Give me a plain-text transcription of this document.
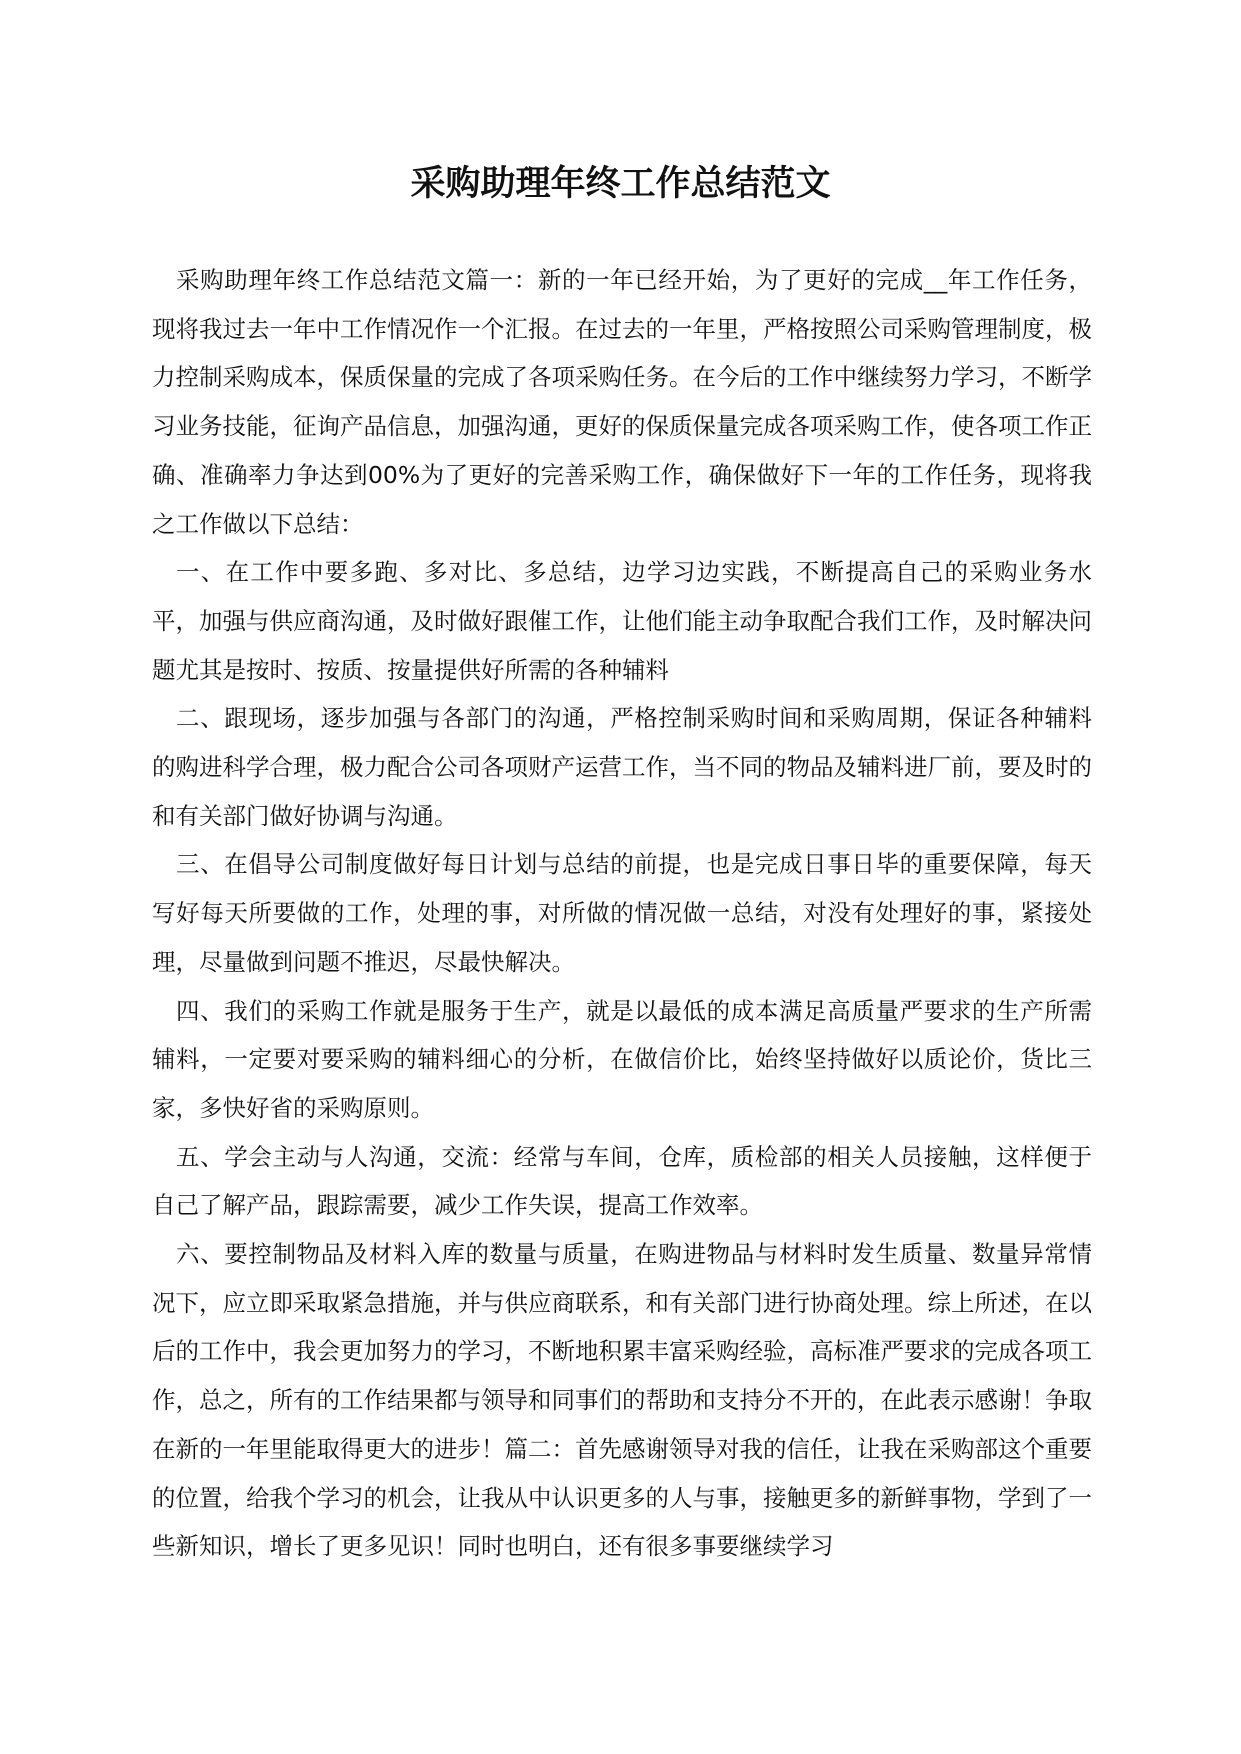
采购助理年终工作总结范文

采购助理年终工作总结范文篇一：新的一年已经开始，为了更好的完成__年工作任务，现将我过去一年中工作情况作一个汇报。在过去的一年里，严格按照公司采购管理制度，极力控制采购成本，保质保量的完成了各项采购任务。在今后的工作中继续努力学习，不断学习业务技能，征询产品信息，加强沟通，更好的保质保量完成各项采购工作，使各项工作正确、准确率力争达到00%为了更好的完善采购工作，确保做好下一年的工作任务，现将我之工作做以下总结：

一、在工作中要多跑、多对比、多总结，边学习边实践，不断提高自己的采购业务水平，加强与供应商沟通，及时做好跟催工作，让他们能主动争取配合我们工作，及时解决问题尤其是按时、按质、按量提供好所需的各种辅料

二、跟现场，逐步加强与各部门的沟通，严格控制采购时间和采购周期，保证各种辅料的购进科学合理，极力配合公司各项财产运营工作，当不同的物品及辅料进厂前，要及时的和有关部门做好协调与沟通。

三、在倡导公司制度做好每日计划与总结的前提，也是完成日事日毕的重要保障，每天写好每天所要做的工作，处理的事，对所做的情况做一总结，对没有处理好的事，紧接处理，尽量做到问题不推迟，尽最快解决。

四、我们的采购工作就是服务于生产，就是以最低的成本满足高质量严要求的生产所需辅料，一定要对要采购的辅料细心的分析，在做信价比，始终坚持做好以质论价，货比三家，多快好省的采购原则。

五、学会主动与人沟通，交流：经常与车间，仓库，质检部的相关人员接触，这样便于自己了解产品，跟踪需要，减少工作失误，提高工作效率。

六、要控制物品及材料入库的数量与质量，在购进物品与材料时发生质量、数量异常情况下，应立即采取紧急措施，并与供应商联系，和有关部门进行协商处理。综上所述，在以后的工作中，我会更加努力的学习，不断地积累丰富采购经验，高标准严要求的完成各项工作，总之，所有的工作结果都与领导和同事们的帮助和支持分不开的，在此表示感谢！争取在新的一年里能取得更大的进步！篇二：首先感谢领导对我的信任，让我在采购部这个重要的位置，给我个学习的机会，让我从中认识更多的人与事，接触更多的新鲜事物，学到了一些新知识，增长了更多见识！同时也明白，还有很多事要继续学习
